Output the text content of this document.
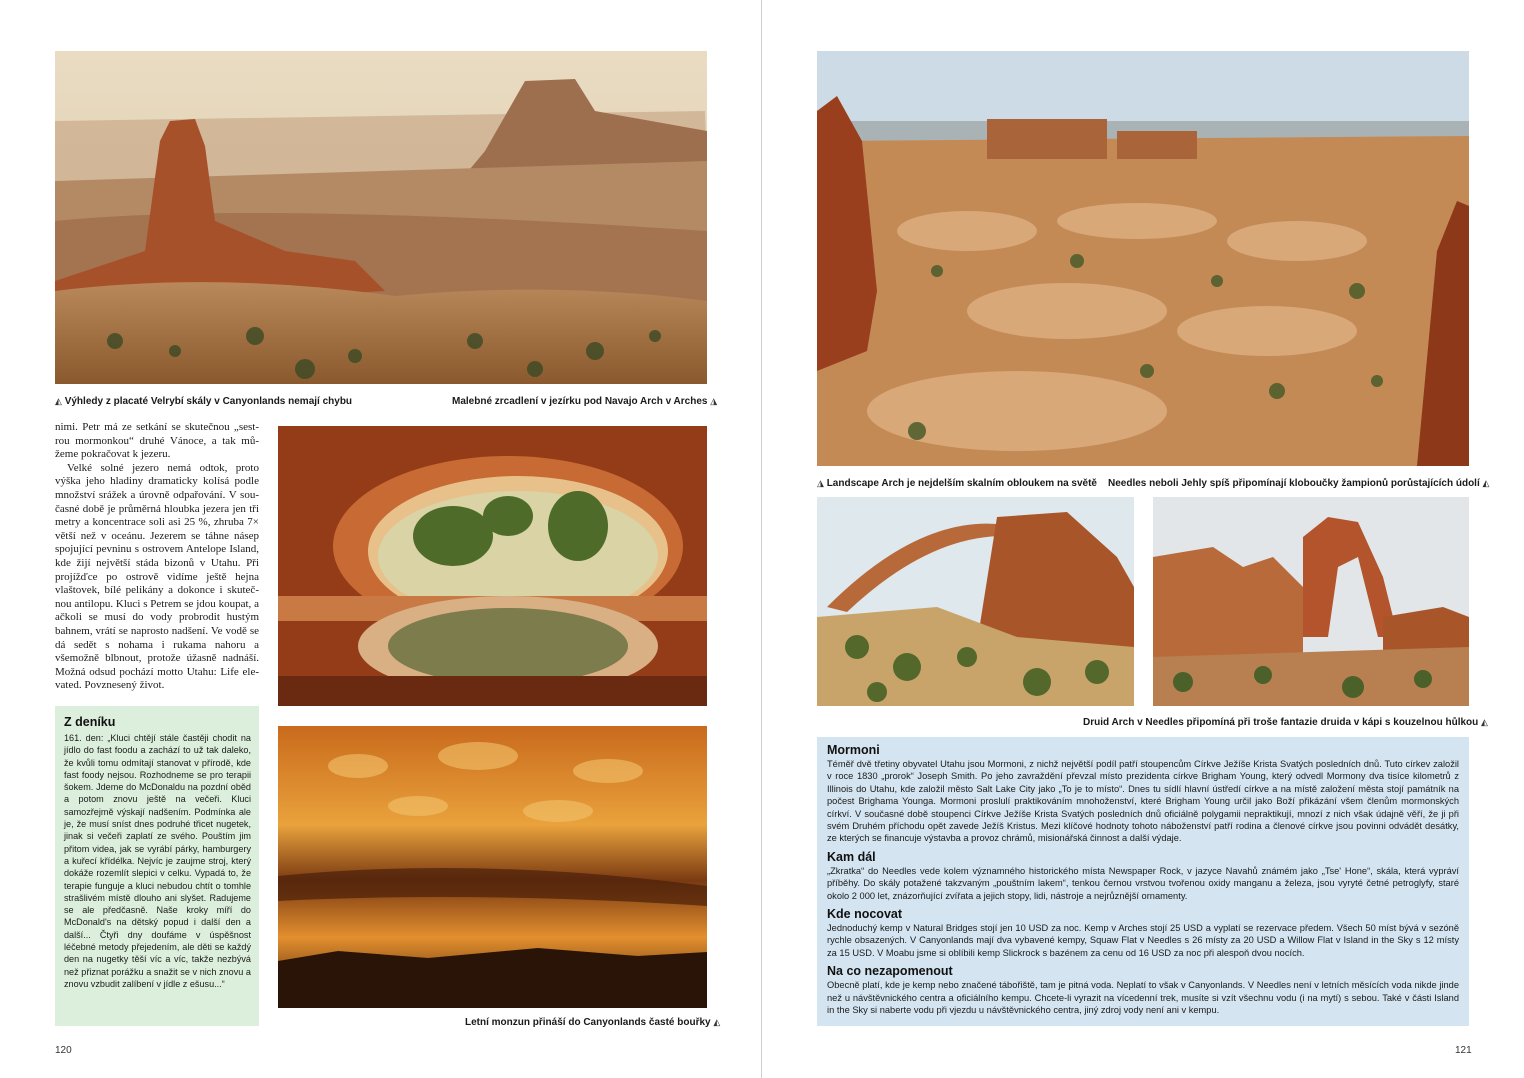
◭ Výhledy z placaté Velrybí skály v Canyonlands nemají chybu	Malebné zrcadlení v jezírku pod Navajo Arch v Arches ◮

nimi. Petr má ze setkání se skutečnou „sestrou mormonkou“ druhé Vánoce, a tak můžeme pokračovat k jezeru.

Velké solné jezero nemá odtok, proto výška jeho hladiny dramaticky kolísá podle množství srážek a úrovně odpařování. V současné době je průměrná hloubka jezera jen tři metry a koncentrace soli asi 25 %, zhruba 7× větší než v oceánu. Jezerem se táhne násep spojující pevninu s ostrovem Antelope Island, kde žijí největší stáda bizonů v Utahu. Při projížďce po ostrově vidíme ještě hejna vlaštovek, bílé pelikány a dokonce i skutečnou antilopu. Kluci s Petrem se jdou koupat, a ačkoli se musí do vody probrodit hustým bahnem, vrátí se naprosto nadšení. Ve vodě se dá sedět s nohama i rukama nahoru a všemožně blbnout, protože úžasně nadnáší. Možná odsud pochází motto Utahu: Life elevated. Povznesený život.

Z deníku
161. den: „Kluci chtějí stále častěji chodit na jídlo do fast foodu a zachází to už tak daleko, že kvůli tomu odmítají stanovat v přírodě, kde fast foody nejsou. Rozhodneme se pro terapii šokem. Jdeme do McDonaldu na pozdní oběd a potom znovu ještě na večeři. Kluci samozřejmě výskají nadšením. Podmínka ale je, že musí sníst dnes podruhé třicet nugetek, jinak si večeři zaplatí ze svého. Pouštím jim přitom videa, jak se vyrábí párky, hamburgery a kuřecí křídélka. Nejvíc je zaujme stroj, který dokáže rozemlít slepici v celku. Vypadá to, že terapie funguje a kluci nebudou chtít o tomhle strašlivém místě dlouho ani slyšet. Radujeme se ale předčasně. Naše kroky míří do McDonald's na dětský popud i další den a další... Čtyři dny doufáme v úspěšnost léčebné metody přejedením, ale děti se každý den na nugetky těší víc a víc, takže nezbývá než přiznat porážku a snažit se v nich znovu a znovu vzbudit zalíbení v jídle z ešusu...“
Letní monzun přináší do Canyonlands časté bouřky ◭
120
◮ Landscape Arch je nejdelším skalním obloukem na světě Needles neboli Jehly spíš připomínají kloboučky žampionů porůstajících údolí ◭
Druid Arch v Needles připomíná při troše fantazie druida v kápi s kouzelnou hůlkou ◭
Mormoni
Téměř dvě třetiny obyvatel Utahu jsou Mormoni, z nichž největší podíl patří stoupencům Církve Ježíše Krista Svatých posledních dnů. Tuto církev založil v roce 1830 „prorok“ Joseph Smith. Po jeho zavraždění převzal místo prezidenta církve Brigham Young, který odvedl Mormony dva tisíce kilometrů z Illinois do Utahu, kde založil město Salt Lake City jako „To je to místo“. Dnes tu sídlí hlavní ústředí církve a na místě založení města stojí památník na počest Brighama Younga. Mormoni proslulí praktikováním mnohoženství, které Brigham Young určil jako Boží přikázání všem členům mormonských církví. V současné době stoupenci Církve Ježíše Krista Svatých posledních dnů oficiálně polygamii nepraktikují, mnozí z nich však údajně věří, že ji při svém Druhém příchodu opět zavede Ježíš Kristus. Mezi klíčové hodnoty tohoto náboženství patří rodina a členové církve jsou povinni odvádět desátky, ze kterých se financuje výstavba a provoz chrámů, misionářská činnost a další výdaje.
Kam dál
„Zkratka“ do Needles vede kolem významného historického místa Newspaper Rock, v jazyce Navahů známém jako „Tse' Hone“, skála, která vypráví příběhy. Do skály potažené takzvaným „pouštním lakem“, tenkou černou vrstvou tvořenou oxidy manganu a železa, jsou vyryté četné petroglyfy, staré okolo 2 000 let, znázorňující zvířata a jejich stopy, lidi, nástroje a nejrůznější ornamenty.
Kde nocovat
Jednoduchý kemp v Natural Bridges stojí jen 10 USD za noc. Kemp v Arches stojí 25 USD a vyplatí se rezervace předem. Všech 50 míst bývá v sezóně rychle obsazených. V Canyonlands mají dva vybavené kempy, Squaw Flat v Needles s 26 místy za 20 USD a Willow Flat v Island in the Sky s 12 místy za 15 USD. V Moabu jsme si oblíbili kemp Slickrock s bazénem za cenu od 16 USD za noc při alespoň dvou nocích.
Na co nezapomenout
Obecně platí, kde je kemp nebo značené tábořiště, tam je pitná voda. Neplatí to však v Canyonlands. V Needles není v letních měsících voda nikde jinde než u návštěvnického centra a oficiálního kempu. Chcete-li vyrazit na vícedenní trek, musíte si vzít všechnu vodu (i na mytí) s sebou. Také v části Island in the Sky si naberte vodu při vjezdu u návštěvnického centra, jiný zdroj vody není ani v kempu.
121
